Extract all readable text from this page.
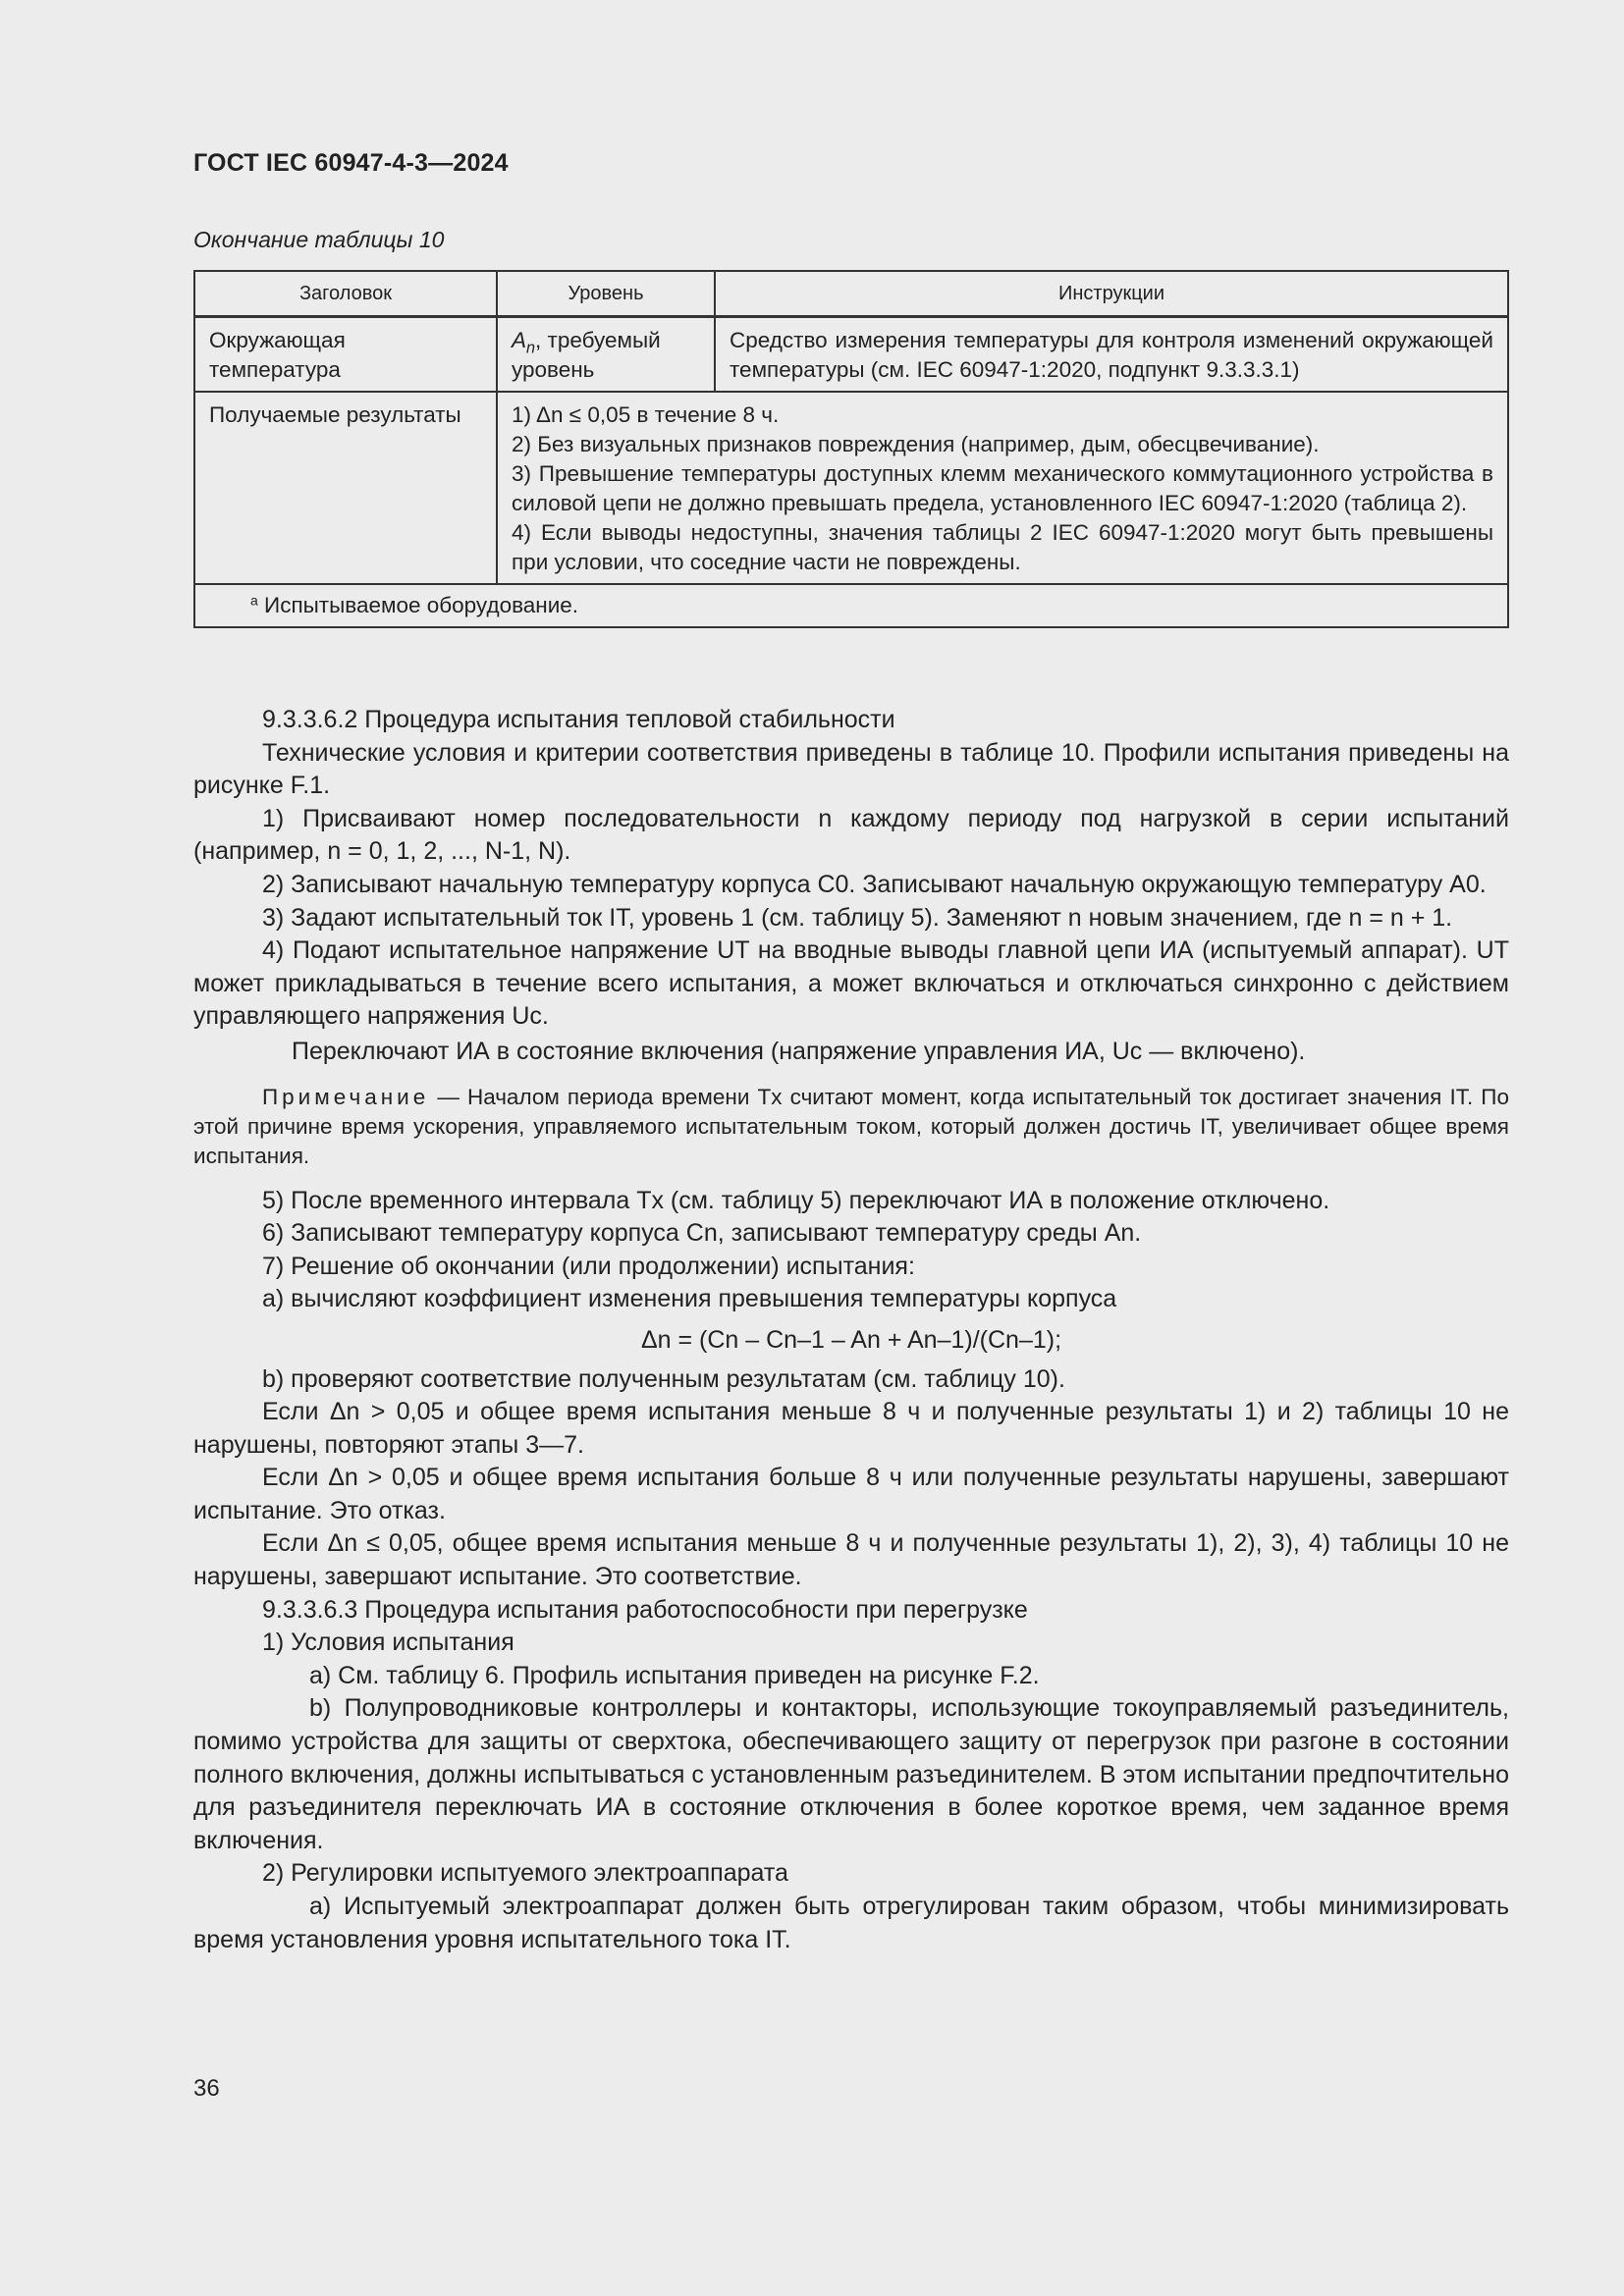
ГОСТ IEC 60947-4-3—2024
Окончание таблицы 10
Заголовок	Уровень	Инструкции

Окружающая температура	$A_n$, требуемый уровень	Средство измерения температуры для контроля изменений окружающей температуры (см. IEC 60947-1:2020, подпункт 9.3.3.3.1)
Получаемые результаты	1) Δn ≤ 0,05 в течение 8 ч.
2) Без визуальных признаков повреждения (например, дым, обесцвечивание).
3) Превышение температуры доступных клемм механического коммутационного устройства в силовой цепи не должно превышать предела, установленного IEC 60947-1:2020 (таблица 2).
4) Если выводы недоступны, значения таблицы 2 IEC 60947-1:2020 могут быть превышены при условии, что соседние части не повреждены.	

$^a$ Испытываемое оборудование.		

9.3.3.6.2 Процедура испытания тепловой стабильности

Технические условия и критерии соответствия приведены в таблице 10. Профили испытания приведены на рисунке F.1.

1) Присваивают номер последовательности n каждому периоду под нагрузкой в серии испытаний (например, n = 0, 1, 2, ..., N-1, N).

2) Записывают начальную температуру корпуса C0. Записывают начальную окружающую температуру A0.

3) Задают испытательный ток IT, уровень 1 (см. таблицу 5). Заменяют n новым значением, где n = n + 1.

4) Подают испытательное напряжение UT на вводные выводы главной цепи ИА (испытуемый аппарат). UT может прикладываться в течение всего испытания, а может включаться и отключаться синхронно с действием управляющего напряжения Uc.

Переключают ИА в состояние включения (напряжение управления ИА, Uc — включено).

Примечание — Началом периода времени Tx считают момент, когда испытательный ток достигает значения IT. По этой причине время ускорения, управляемого испытательным током, который должен достичь IT, увеличивает общее время испытания.

5) После временного интервала Tx (см. таблицу 5) переключают ИА в положение отключено.

6) Записывают температуру корпуса Cn, записывают температуру среды An.

7) Решение об окончании (или продолжении) испытания:

a) вычисляют коэффициент изменения превышения температуры корпуса

Δn = (Cn – Cn–1 – An + An–1)/(Cn–1);

b) проверяют соответствие полученным результатам (см. таблицу 10).

Если Δn > 0,05 и общее время испытания меньше 8 ч и полученные результаты 1) и 2) таблицы 10 не нарушены, повторяют этапы 3—7.

Если Δn > 0,05 и общее время испытания больше 8 ч или полученные результаты нарушены, завершают испытание. Это отказ.

Если Δn ≤ 0,05, общее время испытания меньше 8 ч и полученные результаты 1), 2), 3), 4) таблицы 10 не нарушены, завершают испытание. Это соответствие.

9.3.3.6.3 Процедура испытания работоспособности при перегрузке

1) Условия испытания

a) См. таблицу 6. Профиль испытания приведен на рисунке F.2.

b) Полупроводниковые контроллеры и контакторы, использующие токоуправляемый разъединитель, помимо устройства для защиты от сверхтока, обеспечивающего защиту от перегрузок при разгоне в состоянии полного включения, должны испытываться с установленным разъединителем. В этом испытании предпочтительно для разъединителя переключать ИА в состояние отключения в более короткое время, чем заданное время включения.

2) Регулировки испытуемого электроаппарата

a) Испытуемый электроаппарат должен быть отрегулирован таким образом, чтобы минимизировать время установления уровня испытательного тока IT.

36
